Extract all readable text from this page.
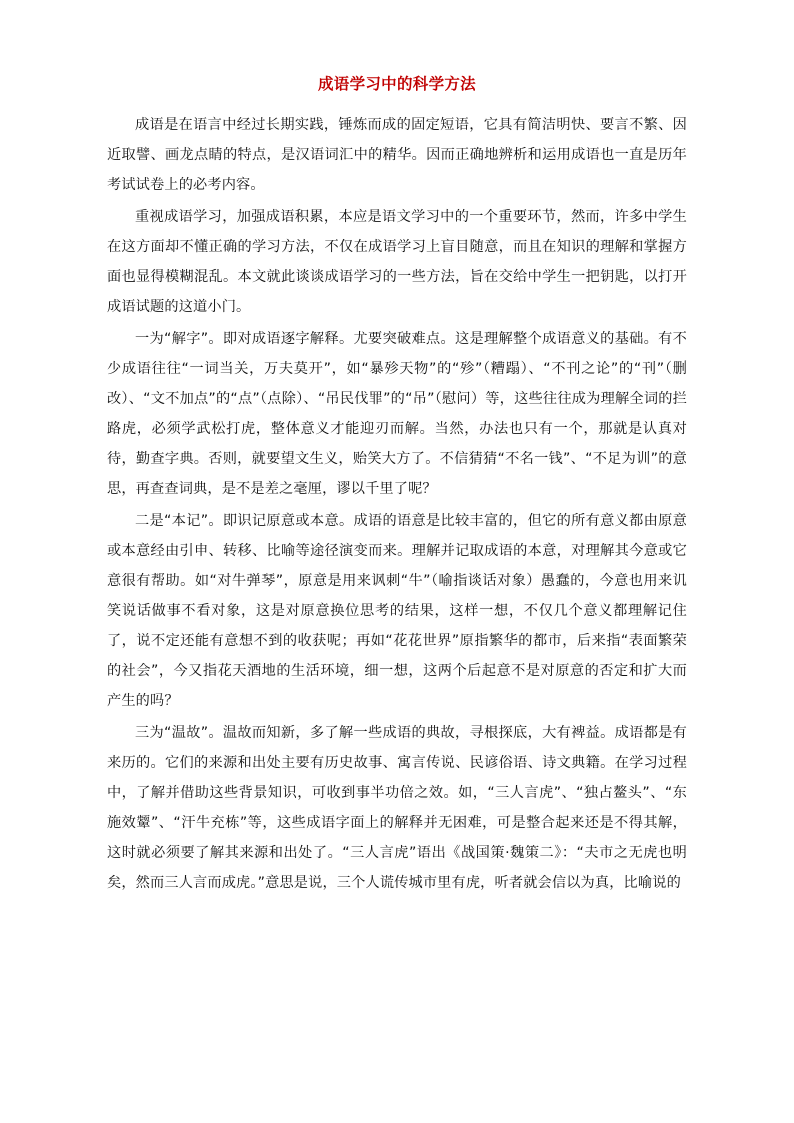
成语学习中的科学方法

成语是在语言中经过长期实践，锤炼而成的固定短语，它具有简洁明快、要言不繁、因近取譬、画龙点睛的特点，是汉语词汇中的精华。因而正确地辨析和运用成语也一直是历年考试试卷上的必考内容。

重视成语学习，加强成语积累，本应是语文学习中的一个重要环节，然而，许多中学生在这方面却不懂正确的学习方法，不仅在成语学习上盲目随意，而且在知识的理解和掌握方面也显得模糊混乱。本文就此谈谈成语学习的一些方法，旨在交给中学生一把钥匙，以打开成语试题的这道小门。

一为“解字”。即对成语逐字解释。尤要突破难点。这是理解整个成语意义的基础。有不少成语往往“一词当关，万夫莫开”，如“暴殄天物”的“殄”（糟蹋）、“不刊之论”的“刊”（删改）、“文不加点”的“点”（点除）、“吊民伐罪”的“吊”（慰问）等，这些往往成为理解全词的拦路虎，必须学武松打虎，整体意义才能迎刃而解。当然，办法也只有一个，那就是认真对待，勤查字典。否则，就要望文生义，贻笑大方了。不信猜猜“不名一钱”、“不足为训”的意思，再查查词典，是不是差之毫厘，谬以千里了呢？

二是“本记”。即识记原意或本意。成语的语意是比较丰富的，但它的所有意义都由原意或本意经由引申、转移、比喻等途径演变而来。理解并记取成语的本意，对理解其今意或它意很有帮助。如“对牛弹琴”，原意是用来讽刺“牛”（喻指谈话对象）愚蠢的，今意也用来讥笑说话做事不看对象，这是对原意换位思考的结果，这样一想，不仅几个意义都理解记住了，说不定还能有意想不到的收获呢；再如“花花世界”原指繁华的都市，后来指“表面繁荣的社会”，今又指花天酒地的生活环境，细一想，这两个后起意不是对原意的否定和扩大而产生的吗？

三为“温故”。温故而知新，多了解一些成语的典故，寻根探底，大有裨益。成语都是有来历的。它们的来源和出处主要有历史故事、寓言传说、民谚俗语、诗文典籍。在学习过程中，了解并借助这些背景知识，可收到事半功倍之效。如，“三人言虎”、“独占鳌头”、“东施效颦”、“汗牛充栋”等，这些成语字面上的解释并无困难，可是整合起来还是不得其解，这时就必须要了解其来源和出处了。“三人言虎”语出《战国策·魏策二》：“夫市之无虎也明矣，然而三人言而成虎。”意思是说，三个人谎传城市里有虎，听者就会信以为真，比喻说的
